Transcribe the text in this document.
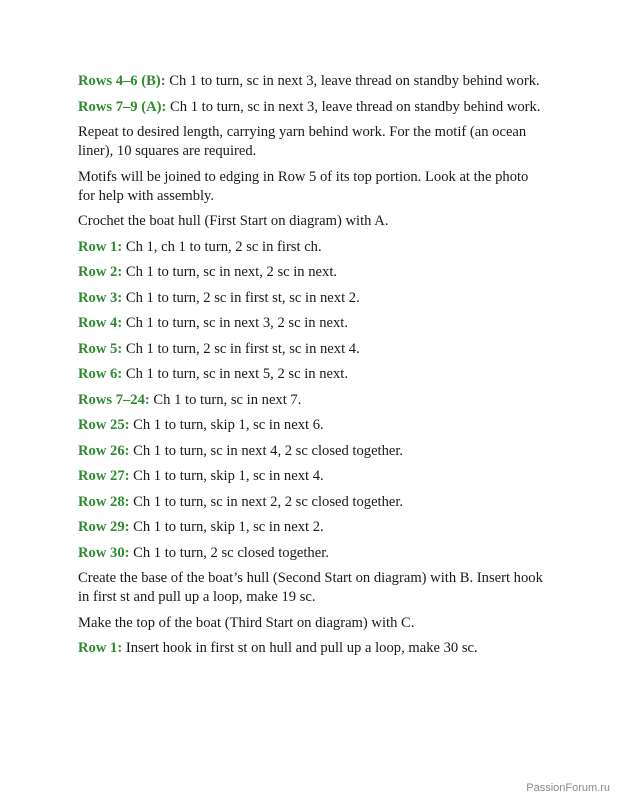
Rows 4–6 (B): Ch 1 to turn, sc in next 3, leave thread on standby behind work.

Rows 7–9 (A): Ch 1 to turn, sc in next 3, leave thread on standby behind work.

Repeat to desired length, carrying yarn behind work. For the motif (an ocean liner), 10 squares are required.

Motifs will be joined to edging in Row 5 of its top portion. Look at the photo for help with assembly.

Crochet the boat hull (First Start on diagram) with A.

Row 1: Ch 1, ch 1 to turn, 2 sc in first ch.

Row 2: Ch 1 to turn, sc in next, 2 sc in next.

Row 3: Ch 1 to turn, 2 sc in first st, sc in next 2.

Row 4: Ch 1 to turn, sc in next 3, 2 sc in next.

Row 5: Ch 1 to turn, 2 sc in first st, sc in next 4.

Row 6: Ch 1 to turn, sc in next 5, 2 sc in next.

Rows 7–24: Ch 1 to turn, sc in next 7.

Row 25: Ch 1 to turn, skip 1, sc in next 6.

Row 26: Ch 1 to turn, sc in next 4, 2 sc closed together.

Row 27: Ch 1 to turn, skip 1, sc in next 4.

Row 28: Ch 1 to turn, sc in next 2, 2 sc closed together.

Row 29: Ch 1 to turn, skip 1, sc in next 2.

Row 30: Ch 1 to turn, 2 sc closed together.

Create the base of the boat’s hull (Second Start on diagram) with B. Insert hook in first st and pull up a loop, make 19 sc.

Make the top of the boat (Third Start on diagram) with C.

Row 1: Insert hook in first st on hull and pull up a loop, make 30 sc.

PassionForum.ru
